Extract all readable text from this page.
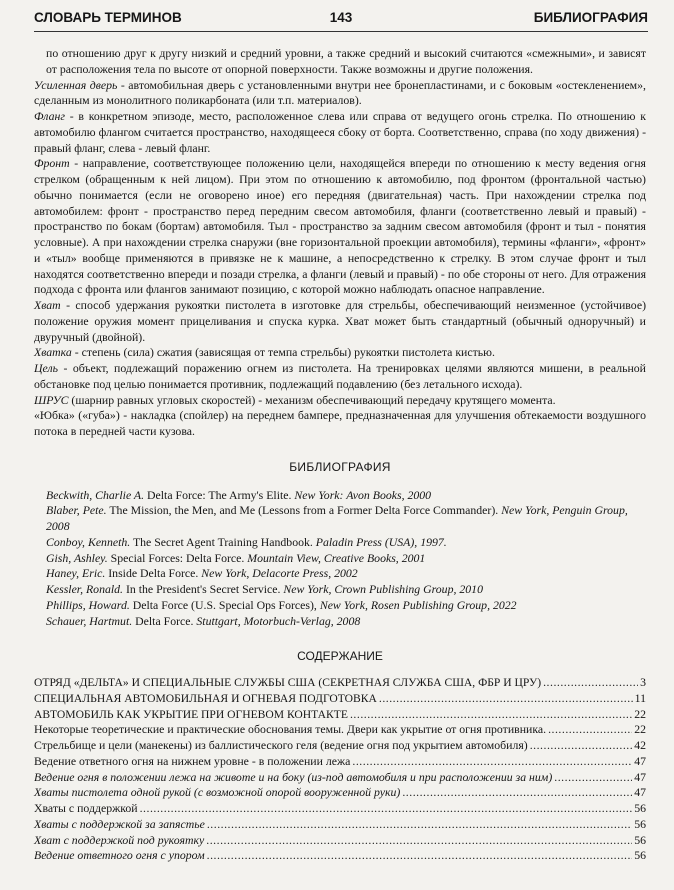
СЛОВАРЬ ТЕРМИНОВ	143	БИБЛИОГРАФИЯ
по отношению друг к другу низкий и средний уровни, а также средний и высокий считаются «смежными», и зависят от расположения тела по высоте от опорной поверхности. Также возможны и другие положения.
Усиленная дверь - автомобильная дверь с установленными внутри нее бронепластинами, и с боковым «остекленением», сделанным из монолитного поликарбоната (или т.п. материалов).
Фланг - в конкретном эпизоде, место, расположенное слева или справа от ведущего огонь стрелка. По отношению к автомобилю флангом считается пространство, находящееся сбоку от борта. Соответственно, справа (по ходу движения) - правый фланг, слева - левый фланг.
Фронт - направление, соответствующее положению цели, находящейся впереди по отношению к месту ведения огня стрелком (обращенным к ней лицом). При этом по отношению к автомобилю, под фронтом (фронтальной частью) обычно понимается (если не оговорено иное) его передняя (двигательная) часть. При нахождении стрелка под автомобилем: фронт - пространство перед передним свесом автомобиля, фланги (соответственно левый и правый) - пространство по бокам (бортам) автомобиля. Тыл - пространство за задним свесом автомобиля (фронт и тыл - понятия условные). А при нахождении стрелка снаружи (вне горизонтальной проекции автомобиля), термины «фланги», «фронт» и «тыл» вообще применяются в привязке не к машине, а непосредственно к стрелку. В этом случае фронт и тыл находятся соответственно впереди и позади стрелка, а фланги (левый и правый) - по обе стороны от него. Для отражения подхода с фронта или флангов занимают позицию, с которой можно наблюдать опасное направление.
Хват - способ удержания рукоятки пистолета в изготовке для стрельбы, обеспечивающий неизменное (устойчивое) положение оружия момент прицеливания и спуска курка. Хват может быть стандартный (обычный одноручный) и двуручный (двойной).
Хватка - степень (сила) сжатия (зависящая от темпа стрельбы) рукоятки пистолета кистью.
Цель - объект, подлежащий поражению огнем из пистолета. На тренировках целями являются мишени, в реальной обстановке под целью понимается противник, подлежащий подавлению (без летального исхода).
ШРУС (шарнир равных угловых скоростей) - механизм обеспечивающий передачу крутящего момента.
«Юбка» («губа») - накладка (спойлер) на переднем бампере, предназначенная для улучшения обтекаемости воздушного потока в передней части кузова.
БИБЛИОГРАФИЯ
Beckwith, Charlie A. Delta Force: The Army's Elite. New York: Avon Books, 2000
Blaber, Pete. The Mission, the Men, and Me (Lessons from a Former Delta Force Commander). New York, Penguin Group, 2008
Conboy, Kenneth. The Secret Agent Training Handbook. Paladin Press (USA), 1997.
Gish, Ashley. Special Forces: Delta Force. Mountain View, Creative Books, 2001
Haney, Eric. Inside Delta Force. New York, Delacorte Press, 2002
Kessler, Ronald. In the President's Secret Service. New York, Crown Publishing Group, 2010
Phillips, Howard. Delta Force (U.S. Special Ops Forces), New York, Rosen Publishing Group, 2022
Schauer, Hartmut. Delta Force. Stuttgart, Motorbuch-Verlag, 2008
СОДЕРЖАНИЕ
ОТРЯД «ДЕЛЬТА» И СПЕЦИАЛЬНЫЕ СЛУЖБЫ США (СЕКРЕТНАЯ СЛУЖБА США, ФБР И ЦРУ) .....	3
СПЕЦИАЛЬНАЯ АВТОМОБИЛЬНАЯ И ОГНЕВАЯ ПОДГОТОВКА .....	11
АВТОМОБИЛЬ КАК УКРЫТИЕ ПРИ ОГНЕВОМ КОНТАКТЕ .....	22
Некоторые теоретические и практические обоснования темы. Двери как укрытие от огня противника. .....	22
Стрельбище и цели (манекены) из баллистического геля (ведение огня под укрытием автомобиля) .....	42
Ведение ответного огня на нижнем уровне - в положении лежа .....	47
Ведение огня в положении лежа на животе и на боку (из-под автомобиля и при расположении за ним) .....	47
Хваты пистолета одной рукой (с возможной опорой вооруженной руки) .....	47
Хваты с поддержкой .....	56
Хваты с поддержкой за запястье .....	56
Хват с поддержкой под рукоятку .....	56
Ведение ответного огня с упором .....	56
